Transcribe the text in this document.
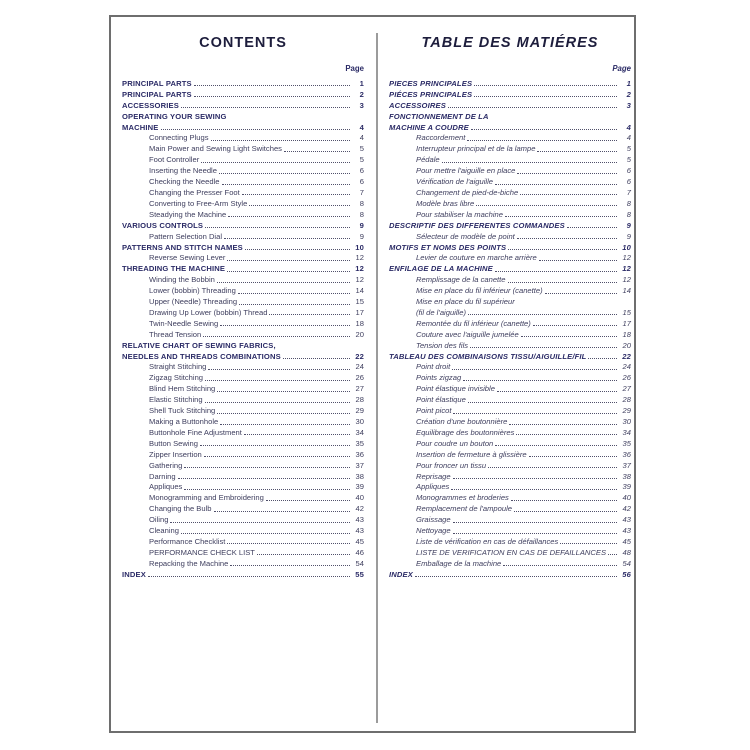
CONTENTS
Page
PRINCIPAL PARTS	1
PRINCIPAL PARTS	2
ACCESSORIES	3
OPERATING YOUR SEWING
MACHINE	4
Connecting Plugs	4
Main Power and Sewing Light Switches	5
Foot Controller	5
Inserting the Needle	6
Checking the Needle	6
Changing the Presser Foot	7
Converting to Free-Arm Style	8
Steadying the Machine	8
VARIOUS CONTROLS	9
Pattern Selection Dial	9
PATTERNS AND STITCH NAMES	10
Reverse Sewing Lever	12
THREADING THE MACHINE	12
Winding the Bobbin	12
Lower (bobbin) Threading	14
Upper (Needle) Threading	15
Drawing Up Lower (bobbin) Thread	17
Twin-Needle Sewing	18
Thread Tension	20
RELATIVE CHART OF SEWING FABRICS,
NEEDLES AND THREADS COMBINATIONS	22
Straight Stitching	24
Zigzag Stitching	26
Blind Hem Stitching	27
Elastic Stitching	28
Shell Tuck Stitching	29
Making a Buttonhole	30
Buttonhole Fine Adjustment	34
Button Sewing	35
Zipper Insertion	36
Gathering	37
Darning	38
Appliques	39
Monogramming and Embroidering	40
Changing the Bulb	42
Oiling	43
Cleaning	43
Performance Checklist	45
PERFORMANCE CHECK LIST	46
Repacking the Machine	54
INDEX	55
TABLE DES MATIÉRES
Page
PIECES PRINCIPALES	1
PIÉCES PRINCIPALES	2
ACCESSOIRES	3
FONCTIONNEMENT DE LA
MACHINE A COUDRE	4
Raccordement	4
Interrupteur principal et de la lampe	5
Pédale	5
Pour mettre l'aiguille en place	6
Vérification de l'aiguille	6
Changement de pied-de-biche	7
Modèle bras libre	8
Pour stabiliser la machine	8
DESCRIPTIF DES DIFFERENTES COMMANDES	9
Sélecteur de modèle de point	9
MOTIFS ET NOMS DES POINTS	10
Levier de couture en marche arrière	12
ENFILAGE DE LA MACHINE	12
Remplissage de la canette	12
Mise en place du fil inférieur (canette)	14
Mise en place du fil supérieur
(fil de l'aiguille)	15
Remontée du fil inférieur (canette)	17
Couture avec l'aiguille jumelée	18
Tension des fils	20
TABLEAU DES COMBINAISONS TISSU/AIGUILLE/FIL	22
Point droit	24
Points zigzag	26
Point élastique invisible	27
Point élastique	28
Point picot	29
Création d'une boutonnière	30
Equilibrage des boutonnières	34
Pour coudre un bouton	35
Insertion de fermeture à glissière	36
Pour froncer un tissu	37
Reprisage	38
Appliques	39
Monogrammes et broderies	40
Remplacement de l'ampoule	42
Graissage	43
Nettoyage	43
Liste de vérification en cas de défaillances	45
LISTE DE VERIFICATION EN CAS DE DEFAILLANCES	48
Emballage de la machine	54
INDEX	56
